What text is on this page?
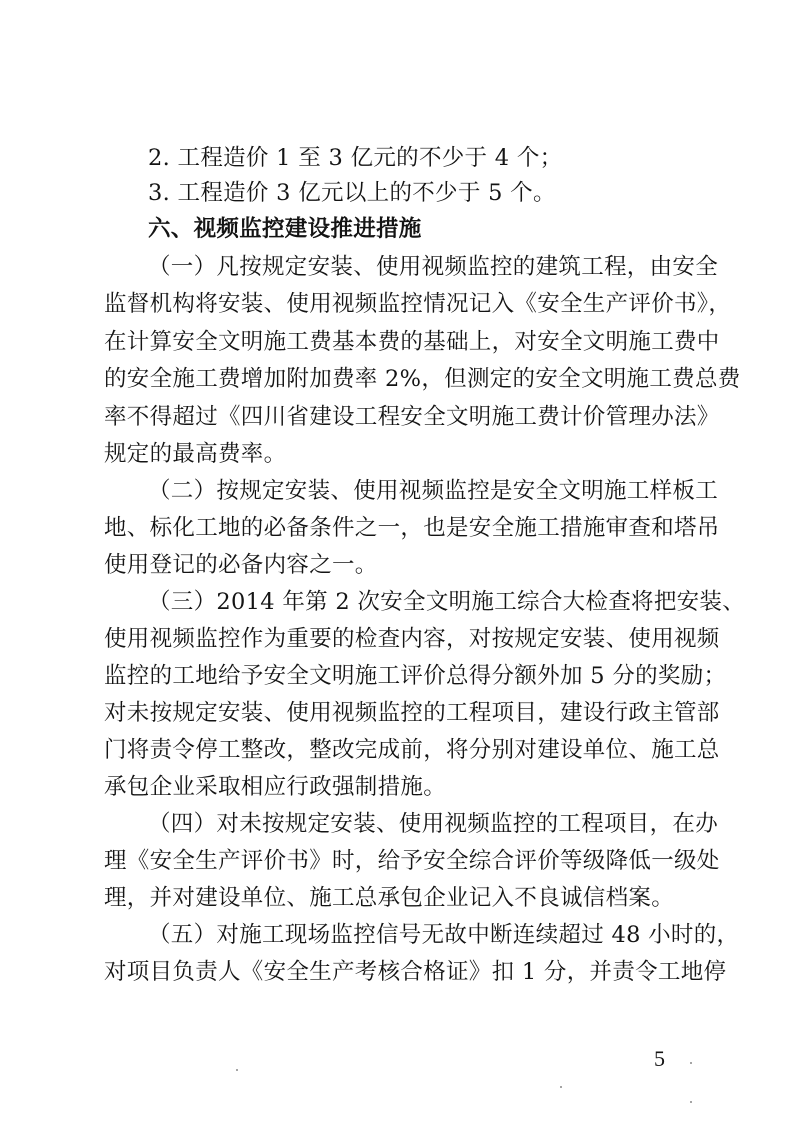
2. 工程造价 1 至 3 亿元的不少于 4 个；
3. 工程造价 3 亿元以上的不少于 5 个。
六、视频监控建设推进措施
（一）凡按规定安装、使用视频监控的建筑工程，由安全
监督机构将安装、使用视频监控情况记入《安全生产评价书》，
在计算安全文明施工费基本费的基础上，对安全文明施工费中
的安全施工费增加附加费率 2%，但测定的安全文明施工费总费
率不得超过《四川省建设工程安全文明施工费计价管理办法》
规定的最高费率。
（二）按规定安装、使用视频监控是安全文明施工样板工
地、标化工地的必备条件之一，也是安全施工措施审查和塔吊
使用登记的必备内容之一。
（三）2014 年第 2 次安全文明施工综合大检查将把安装、
使用视频监控作为重要的检查内容，对按规定安装、使用视频
监控的工地给予安全文明施工评价总得分额外加 5 分的奖励；
对未按规定安装、使用视频监控的工程项目，建设行政主管部
门将责令停工整改，整改完成前，将分别对建设单位、施工总
承包企业采取相应行政强制措施。
（四）对未按规定安装、使用视频监控的工程项目，在办
理《安全生产评价书》时，给予安全综合评价等级降低一级处
理，并对建设单位、施工总承包企业记入不良诚信档案。
（五）对施工现场监控信号无故中断连续超过 48 小时的，
对项目负责人《安全生产考核合格证》扣 1 分，并责令工地停
5
